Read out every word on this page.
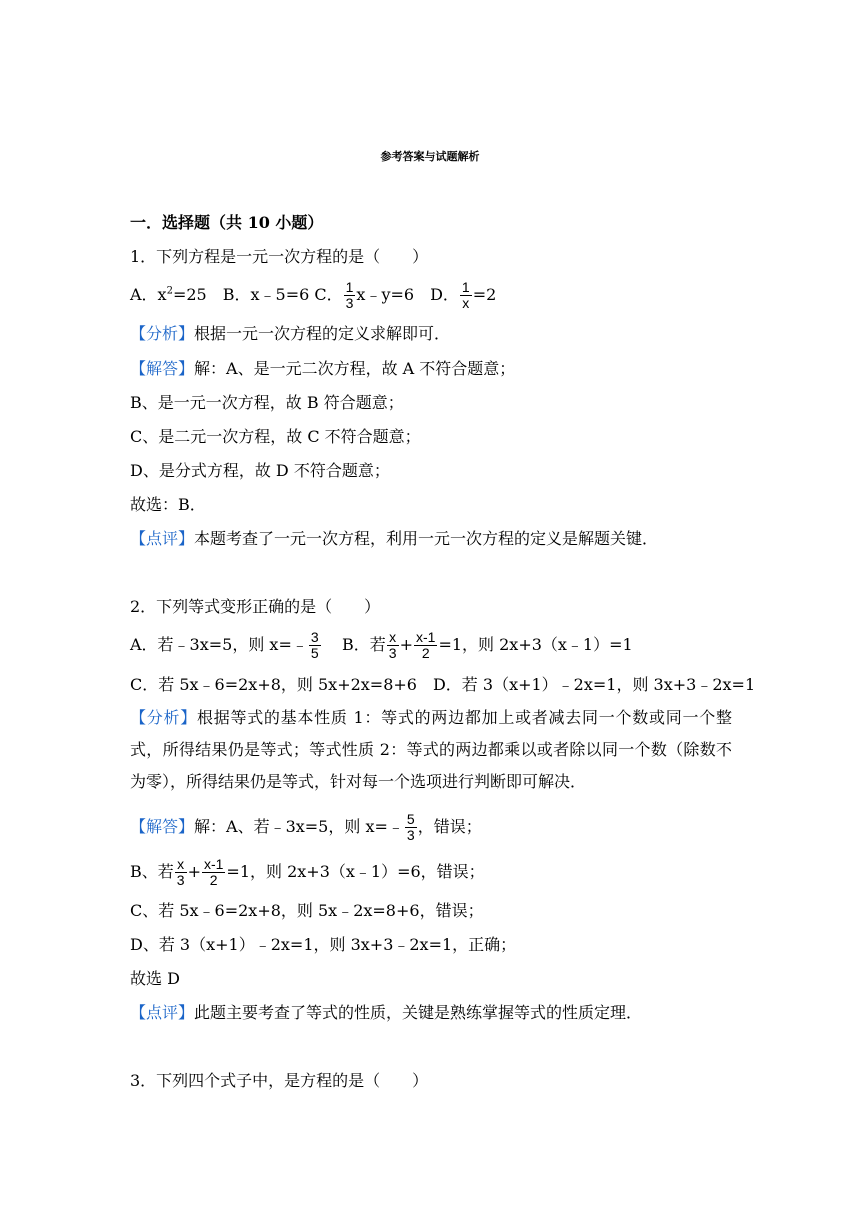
参考答案与试题解析
一．选择题（共 10 小题）
1．下列方程是一元一次方程的是（　　）
A．$x^2=25$　B．x﹣5=6 C． $\frac{1}{3}$ x﹣y=6　D． $\frac{1}{x} =2$
【分析】根据一元一次方程的定义求解即可．
【解答】解：A、是一元二次方程，故 A 不符合题意；
B、是一元一次方程，故 B 符合题意；
C、是二元一次方程，故 C 不符合题意；
D、是分式方程，故 D 不符合题意；
故选：B．
【点评】本题考查了一元一次方程，利用一元一次方程的定义是解题关键．
2．下列等式变形正确的是（　　）
A．若﹣3x=5，则 x=﹣ $\frac{3}{5}$ B．若 $\frac{x}{3} + \frac{x-1}{2} =1$，则 2x+3（x﹣1）=1
C．若 5x﹣6=2x+8，则 5x+2x=8+6　D．若 3（x+1）﹣2x=1，则 3x+3﹣2x=1
【分析】根据等式的基本性质 1：等式的两边都加上或者减去同一个数或同一个整式，所得结果仍是等式；等式性质 2：等式的两边都乘以或者除以同一个数（除数不为零），所得结果仍是等式，针对每一个选项进行判断即可解决．
【解答】解：A、若﹣3x=5，则 x=﹣ $\frac{5}{3}$ ，错误；
B、若 $\frac{x}{3} + \frac{x-1}{2} =1$，则 2x+3（x﹣1）=6，错误；
C、若 5x﹣6=2x+8，则 5x﹣2x=8+6，错误；
D、若 3（x+1）﹣2x=1，则 3x+3﹣2x=1，正确；
故选 D
【点评】此题主要考查了等式的性质，关键是熟练掌握等式的性质定理．
3．下列四个式子中，是方程的是（　　）
